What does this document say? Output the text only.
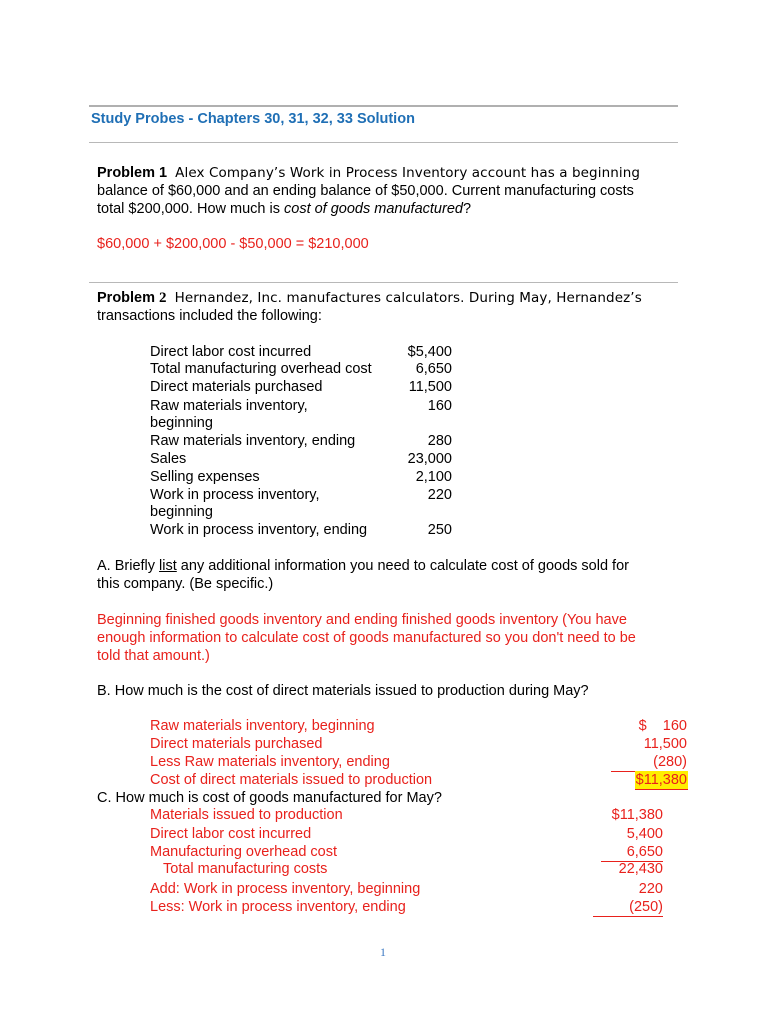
Study Probes - Chapters 30, 31, 32, 33 Solution
Problem 1 Alex Company’s Work in Process Inventory account has a beginning
balance of $60,000 and an ending balance of $50,000. Current manufacturing costs
total $200,000. How much is cost of goods manufactured?
$60,000 + $200,000 - $50,000 = $210,000
Problem 2 Hernandez, Inc. manufactures calculators. During May, Hernandez’s
transactions included the following:
Direct labor cost incurred	$5,400
Total manufacturing overhead cost	6,650
Direct materials purchased	11,500
Raw materials inventory,	160
beginning
Raw materials inventory, ending	280
Sales	23,000
Selling expenses	2,100
Work in process inventory,	220
beginning
Work in process inventory, ending	250
A. Briefly list any additional information you need to calculate cost of goods sold for
this company. (Be specific.)
Beginning finished goods inventory and ending finished goods inventory (You have
enough information to calculate cost of goods manufactured so you don't need to be
told that amount.)
B. How much is the cost of direct materials issued to production during May?
Raw materials inventory, beginning	$    160
Direct materials purchased	11,500
Less Raw materials inventory, ending	(280)
Cost of direct materials issued to production	$11,380
C. How much is cost of goods manufactured for May?
Materials issued to production	$11,380
Direct labor cost incurred	5,400
Manufacturing overhead cost	6,650
Total manufacturing costs	22,430
Add: Work in process inventory, beginning	220
Less: Work in process inventory, ending	(250)
1
